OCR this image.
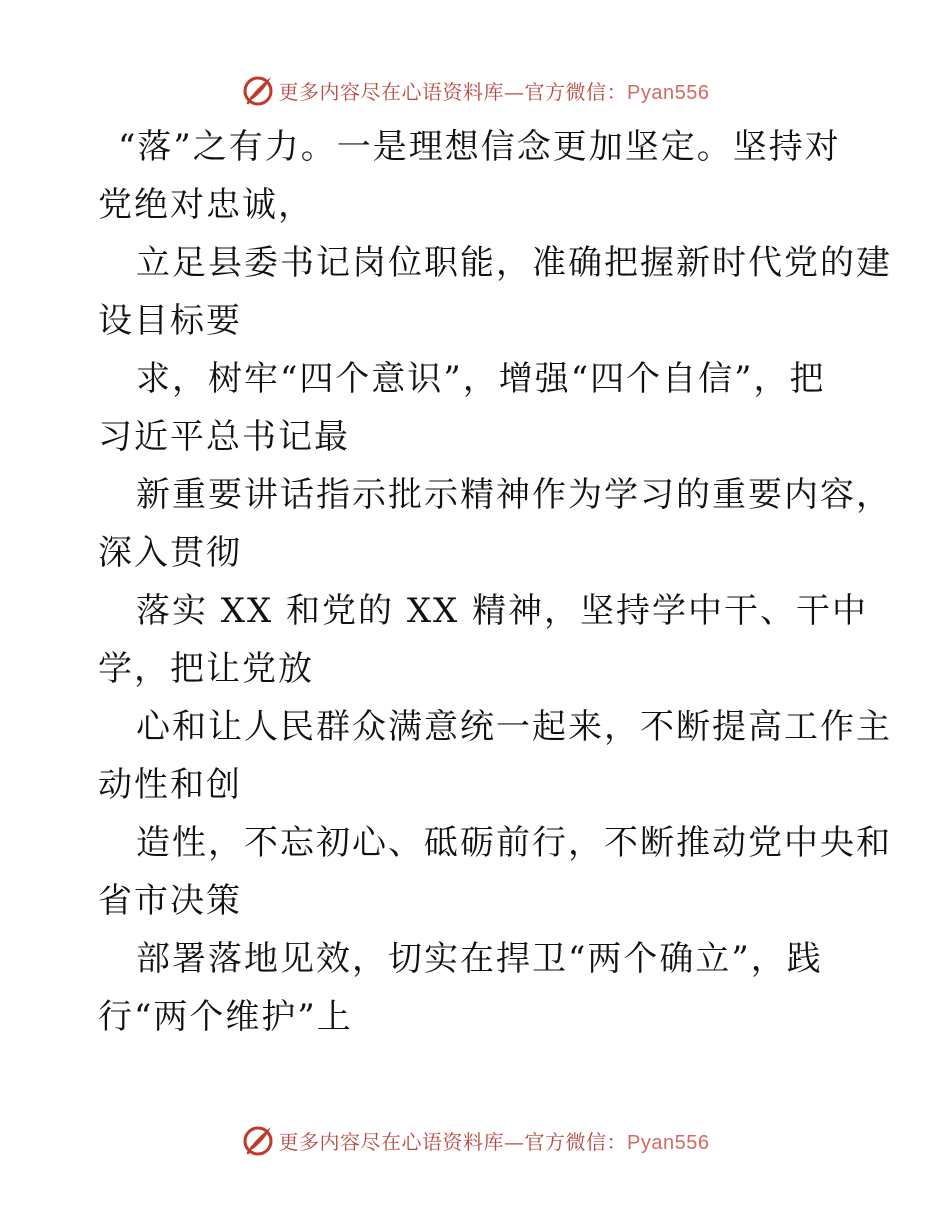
更多内容尽在心语资料库—官方微信：Pyan556
“落”之有力。一是理想信念更加坚定。坚持对
党绝对忠诚，
立足县委书记岗位职能，准确把握新时代党的建
设目标要
求，树牢“四个意识”，增强“四个自信”，把
习近平总书记最
新重要讲话指示批示精神作为学习的重要内容，
深入贯彻
落实 XX 和党的 XX 精神，坚持学中干、干中
学，把让党放
心和让人民群众满意统一起来，不断提高工作主
动性和创
造性，不忘初心、砥砺前行，不断推动党中央和
省市决策
部署落地见效，切实在捍卫“两个确立”，践
行“两个维护”上
更多内容尽在心语资料库—官方微信：Pyan556
